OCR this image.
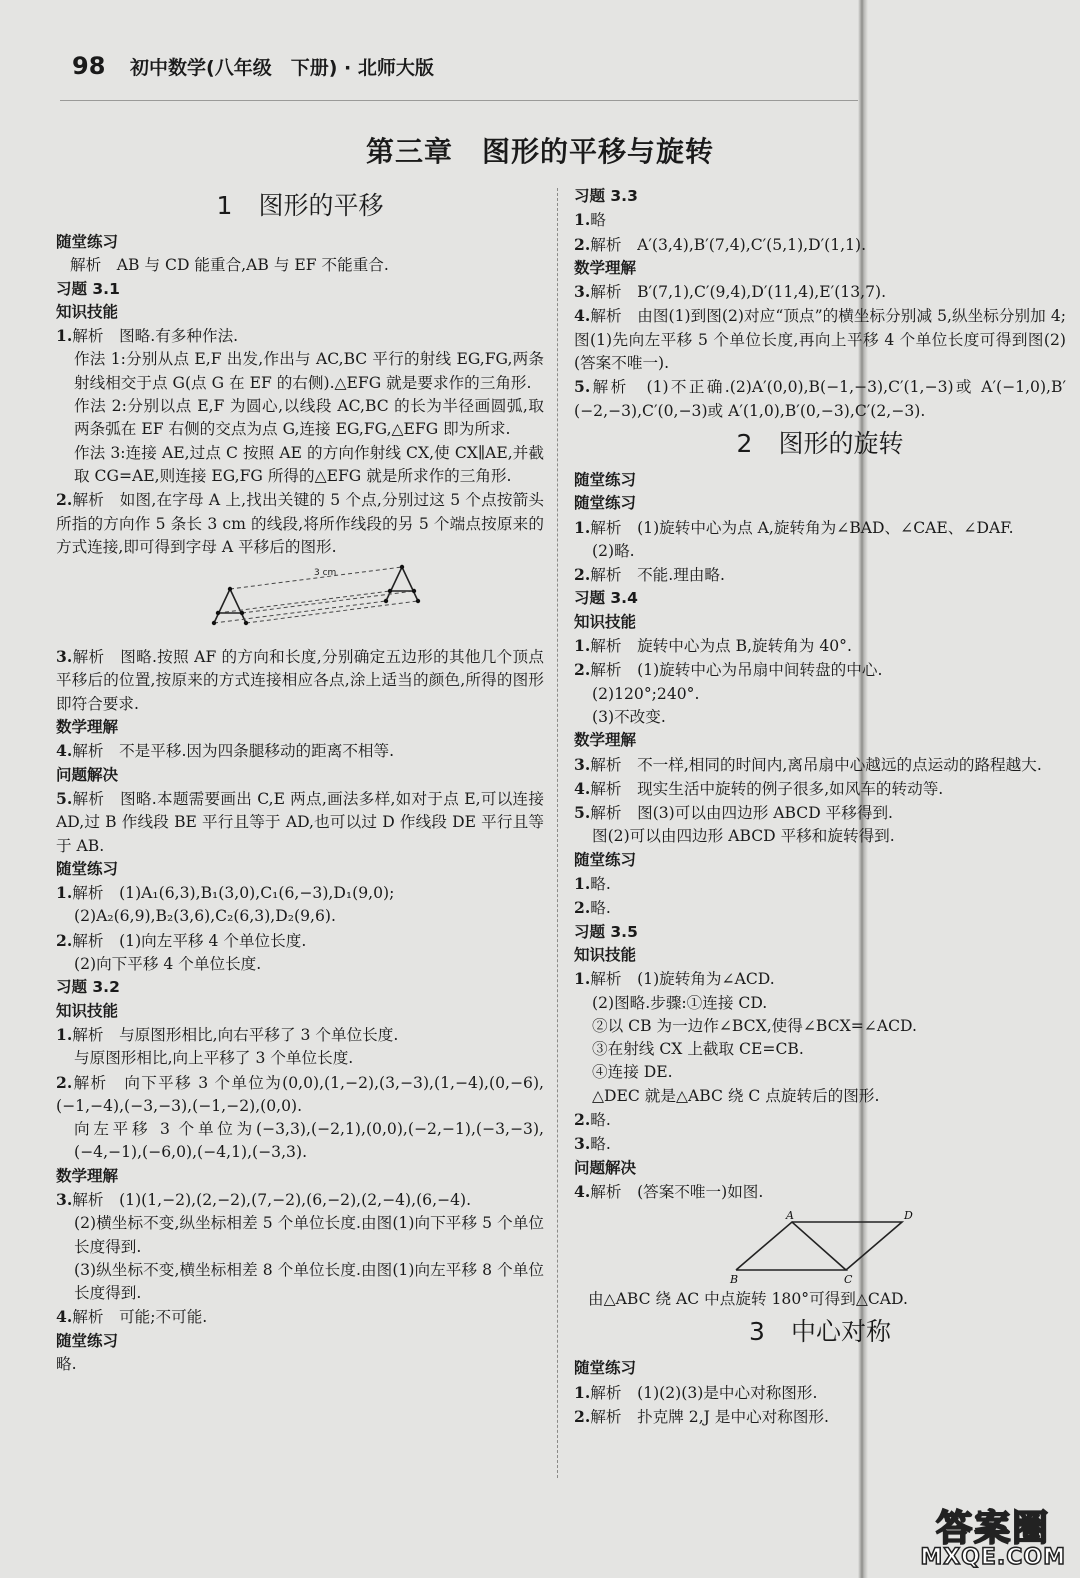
98 初中数学(八年级　下册) · 北师大版
第三章　图形的平移与旋转
1 图形的平移
随堂练习
解析　AB 与 CD 能重合,AB 与 EF 不能重合.
习题 3.1
知识技能
1.解析　图略.有多种作法.
作法 1:分别从点 E,F 出发,作出与 AC,BC 平行的射线 EG,FG,两条射线相交于点 G(点 G 在 EF 的右侧).△EFG 就是要求作的三角形.
作法 2:分别以点 E,F 为圆心,以线段 AC,BC 的长为半径画圆弧,取两条弧在 EF 右侧的交点为点 G,连接 EG,FG,△EFG 即为所求.
作法 3:连接 AE,过点 C 按照 AE 的方向作射线 CX,使 CX∥AE,并截取 CG=AE,则连接 EG,FG 所得的△EFG 就是所求作的三角形.
2.解析　如图,在字母 A 上,找出关键的 5 个点,分别过这 5 个点按箭头所指的方向作 5 条长 3 cm 的线段,将所作线段的另 5 个端点按原来的方式连接,即可得到字母 A 平移后的图形.
3 cm
3.解析　图略.按照 AF 的方向和长度,分别确定五边形的其他几个顶点平移后的位置,按原来的方式连接相应各点,涂上适当的颜色,所得的图形即符合要求.
数学理解
4.解析　不是平移.因为四条腿移动的距离不相等.
问题解决
5.解析　图略.本题需要画出 C,E 两点,画法多样,如对于点 E,可以连接 AD,过 B 作线段 BE 平行且等于 AD,也可以过 D 作线段 DE 平行且等于 AB.
随堂练习
1.解析　(1)A₁(6,3),B₁(3,0),C₁(6,−3),D₁(9,0);
(2)A₂(6,9),B₂(3,6),C₂(6,3),D₂(9,6).
2.解析　(1)向左平移 4 个单位长度.
(2)向下平移 4 个单位长度.
习题 3.2
知识技能
1.解析　与原图形相比,向右平移了 3 个单位长度.
与原图形相比,向上平移了 3 个单位长度.
2.解析　向下平移 3 个单位为(0,0),(1,−2),(3,−3),(1,−4),(0,−6),(−1,−4),(−3,−3),(−1,−2),(0,0).
向左平移 3 个单位为(−3,3),(−2,1),(0,0),(−2,−1),(−3,−3),(−4,−1),(−6,0),(−4,1),(−3,3).
数学理解
3.解析　(1)(1,−2),(2,−2),(7,−2),(6,−2),(2,−4),(6,−4).
(2)横坐标不变,纵坐标相差 5 个单位长度.由图(1)向下平移 5 个单位长度得到.
(3)纵坐标不变,横坐标相差 8 个单位长度.由图(1)向左平移 8 个单位长度得到.
4.解析　可能;不可能.
随堂练习
略.
习题 3.3
1.略
2.解析　A′(3,4),B′(7,4),C′(5,1),D′(1,1).
数学理解
3.解析　B′(7,1),C′(9,4),D′(11,4),E′(13,7).
4.解析　由图(1)到图(2)对应“顶点”的横坐标分别减 5,纵坐标分别加 4;图(1)先向左平移 5 个单位长度,再向上平移 4 个单位长度可得到图(2)(答案不唯一).
5.解析　(1)不正确.(2)A′(0,0),B(−1,−3),C′(1,−3)或 A′(−1,0),B′(−2,−3),C′(0,−3)或 A′(1,0),B′(0,−3),C′(2,−3).
2 图形的旋转
随堂练习
随堂练习
1.解析　(1)旋转中心为点 A,旋转角为∠BAD、∠CAE、∠DAF.
(2)略.
2.解析　不能.理由略.
习题 3.4
知识技能
1.解析　旋转中心为点 B,旋转角为 40°.
2.解析　(1)旋转中心为吊扇中间转盘的中心.
(2)120°;240°.
(3)不改变.
数学理解
3.解析　不一样,相同的时间内,离吊扇中心越远的点运动的路程越大.
4.解析　现实生活中旋转的例子很多,如风车的转动等.
5.解析　图(3)可以由四边形 ABCD 平移得到.
图(2)可以由四边形 ABCD 平移和旋转得到.
随堂练习
1.略.
2.略.
习题 3.5
知识技能
1.解析　(1)旋转角为∠ACD.
(2)图略.步骤:①连接 CD.
②以 CB 为一边作∠BCX,使得∠BCX=∠ACD.
③在射线 CX 上截取 CE=CB.
④连接 DE.
△DEC 就是△ABC 绕 C 点旋转后的图形.
2.略.
3.略.
问题解决
4.解析　(答案不唯一)如图.
A	D
B	C
由△ABC 绕 AC 中点旋转 180°可得到△CAD.
3 中心对称
随堂练习
1.解析　(1)(2)(3)是中心对称图形.
2.解析　扑克牌 2,J 是中心对称图形.
答案圈
MXQE.COM
